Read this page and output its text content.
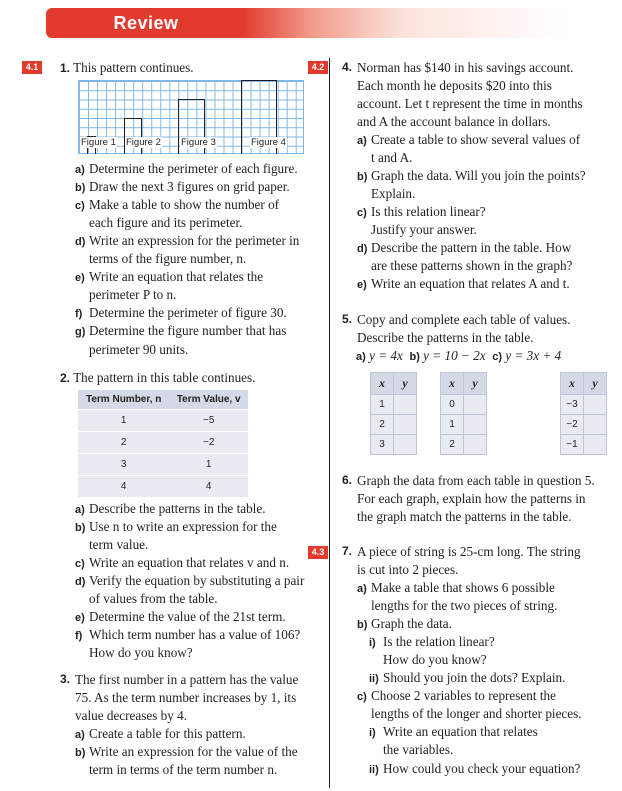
Review
4.1	4.2
4.3
1. This pattern continues.
Figure 1 Figure 2 Figure 3	Figure 4
a) Determine the perimeter of each figure.
b) Draw the next 3 figures on grid paper.
c) Make a table to show the number of
each figure and its perimeter.
d) Write an expression for the perimeter in
terms of the figure number, n.
e) Write an equation that relates the
perimeter P to n.
f) Determine the perimeter of figure 30.
g) Determine the figure number that has
perimeter 90 units.
2. The pattern in this table continues.
Term Number, n	Term Value, v
1	−5
2	−2
3	1
4	4
a) Describe the patterns in the table.
b) Use n to write an expression for the
term value.
c) Write an equation that relates v and n.
d) Verify the equation by substituting a pair
of values from the table.
e) Determine the value of the 21st term.
f) Which term number has a value of 106?
How do you know?
3. The first number in a pattern has the value
75. As the term number increases by 1, its
value decreases by 4.
a) Create a table for this pattern.
b) Write an expression for the value of the
term in terms of the term number n.
4. Norman has $140 in his savings account.
Each month he deposits $20 into this
account. Let t represent the time in months
and A the account balance in dollars.
a) Create a table to show several values of
t and A.
b) Graph the data. Will you join the points?
Explain.
c) Is this relation linear?
Justify your answer.
d) Describe the pattern in the table. How
are these patterns shown in the graph?
e) Write an equation that relates A and t.
5. Copy and complete each table of values.
Describe the patterns in the table.
a) y = 4x b) y = 10 − 2x c) y = 3x + 4
x	y
1	
2	
3	
x	y
0	
1	
2	
x	y
−3	
−2	
−1	
6. Graph the data from each table in question 5.
For each graph, explain how the patterns in
the graph match the patterns in the table.
7. A piece of string is 25-cm long. The string
is cut into 2 pieces.
a) Make a table that shows 6 possible
lengths for the two pieces of string.
b) Graph the data.
i) Is the relation linear?
How do you know?
ii) Should you join the dots? Explain.
c) Choose 2 variables to represent the
lengths of the longer and shorter pieces.
i) Write an equation that relates
the variables.
ii) How could you check your equation?
